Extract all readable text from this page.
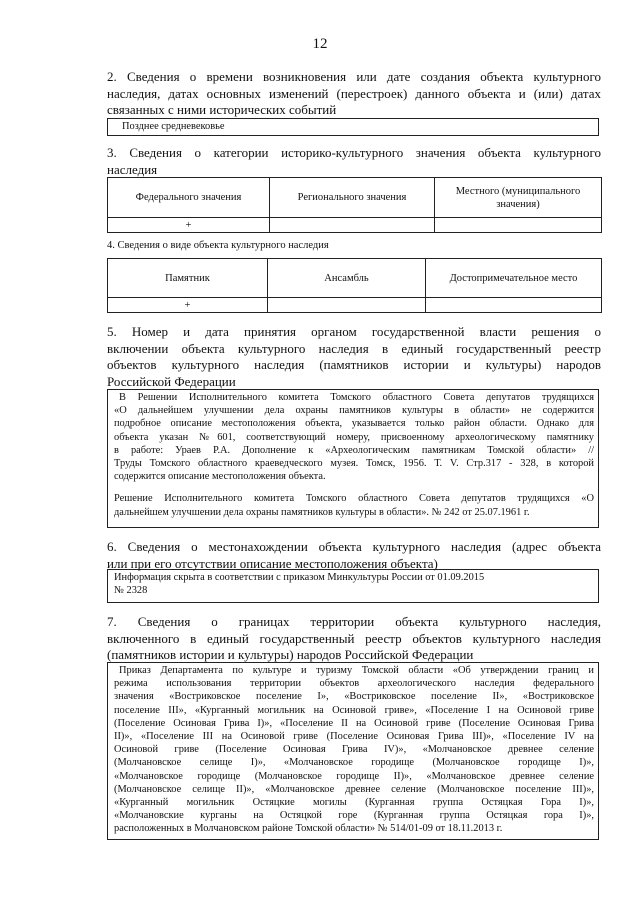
12
2. Сведения о времени возникновения или дате создания объекта культурного
наследия, датах основных изменений (перестроек) данного объекта и (или) датах
связанных с ними исторических событий
Позднее средневековье
3. Сведения о категории историко-культурного значения объекта культурного
наследия
Федерального значения	Регионального значения	Местного (муниципального значения)
+		
4. Сведения о виде объекта культурного наследия
Памятник	Ансамбль	Достопримечательное место
+		
5. Номер и дата принятия органом государственной власти решения о
включении объекта культурного наследия в единый государственный реестр
объектов культурного наследия (памятников истории и культуры) народов
Российской Федерации
В Решении Исполнительного комитета Томского областного Совета депутатов трудящихся
«О дальнейшем улучшении дела охраны памятников культуры в области» не содержится
подробное описание местоположения объекта, указывается только район области. Однако для
объекта указан №601, соответствующий номеру, присвоенному археологическому памятнику
в работе: Ураев Р.А. Дополнение к «Археологическим памятникам Томской области» //
Труды Томского областного краеведческого музея. Томск, 1956. Т. V. Стр.317 - 328, в которой
содержится описание местоположения объекта.
Решение Исполнительного комитета Томского областного Совета депутатов трудящихся «О
дальнейшем улучшении дела охраны памятников культуры в области». № 242 от 25.07.1961 г.
6. Сведения о местонахождении объекта культурного наследия (адрес объекта
или при его отсутствии описание местоположения объекта)
Информация скрыта в соответствии с приказом Минкультуры России от 01.09.2015
№ 2328
7. Сведения о границах территории объекта культурного наследия,
включенного в единый государственный реестр объектов культурного наследия
(памятников истории и культуры) народов Российской Федерации
Приказ Департамента по культуре и туризму Томской области «Об утверждении границ и
режима использования территории объектов археологического наследия федерального
значения «Востриковское поселение I», «Востриковское поселение II», «Востриковское
поселение III», «Курганный могильник на Осиновой гриве», «Поселение I на Осиновой гриве
(Поселение Осиновая Грива I)», «Поселение II на Осиновой гриве (Поселение Осиновая Грива
II)», «Поселение III на Осиновой гриве (Поселение Осиновая Грива III)», «Поселение IV на
Осиновой гриве (Поселение Осиновая Грива IV)», «Молчановское древнее селение
(Молчановское селище I)», «Молчановское городище (Молчановское городище I)»,
«Молчановское городище (Молчановское городище II)», «Молчановское древнее селение
(Молчановское селище II)», «Молчановское древнее селение (Молчановское поселение III)»,
«Курганный могильник Остяцкие могилы (Курганная группа Остяцкая Гора I)»,
«Молчановские курганы на Остяцкой горе (Курганная группа Остяцкая гора I)»,
расположенных в Молчановском районе Томской области» № 514/01-09 от 18.11.2013 г.
